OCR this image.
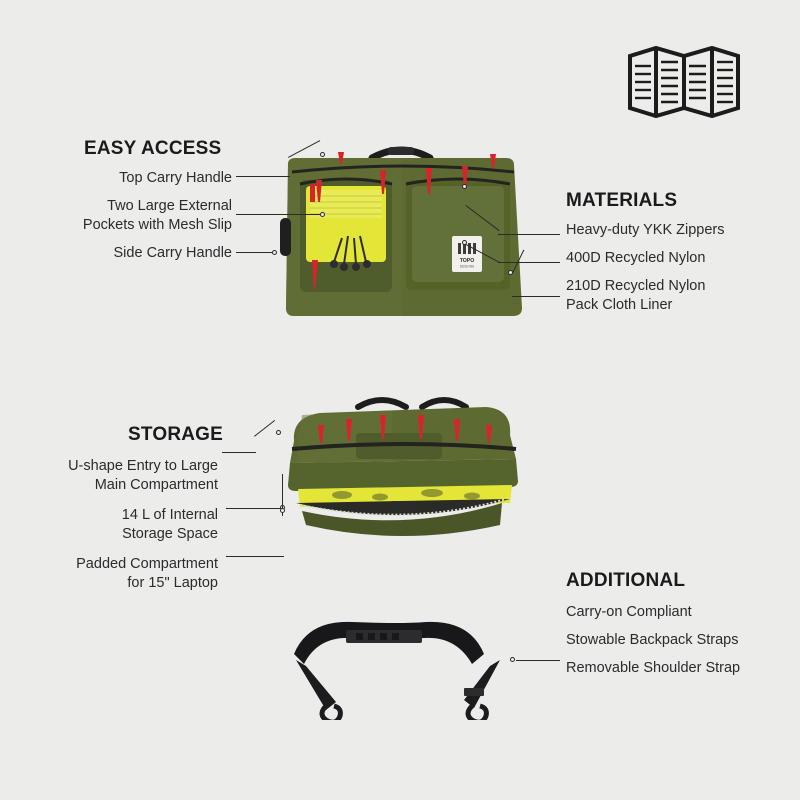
TOPO
DESIGNS
EASY ACCESS
Top Carry Handle
Two Large External
Pockets with Mesh Slip
Side Carry Handle
MATERIALS
Heavy-duty YKK Zippers
400D Recycled Nylon
210D Recycled Nylon
Pack Cloth Liner
STORAGE
U-shape Entry to Large
Main Compartment
14 L of Internal
Storage Space
Padded Compartment
for 15" Laptop	ADDITIONAL
Carry-on Compliant
Stowable Backpack Straps
Removable Shoulder Strap
